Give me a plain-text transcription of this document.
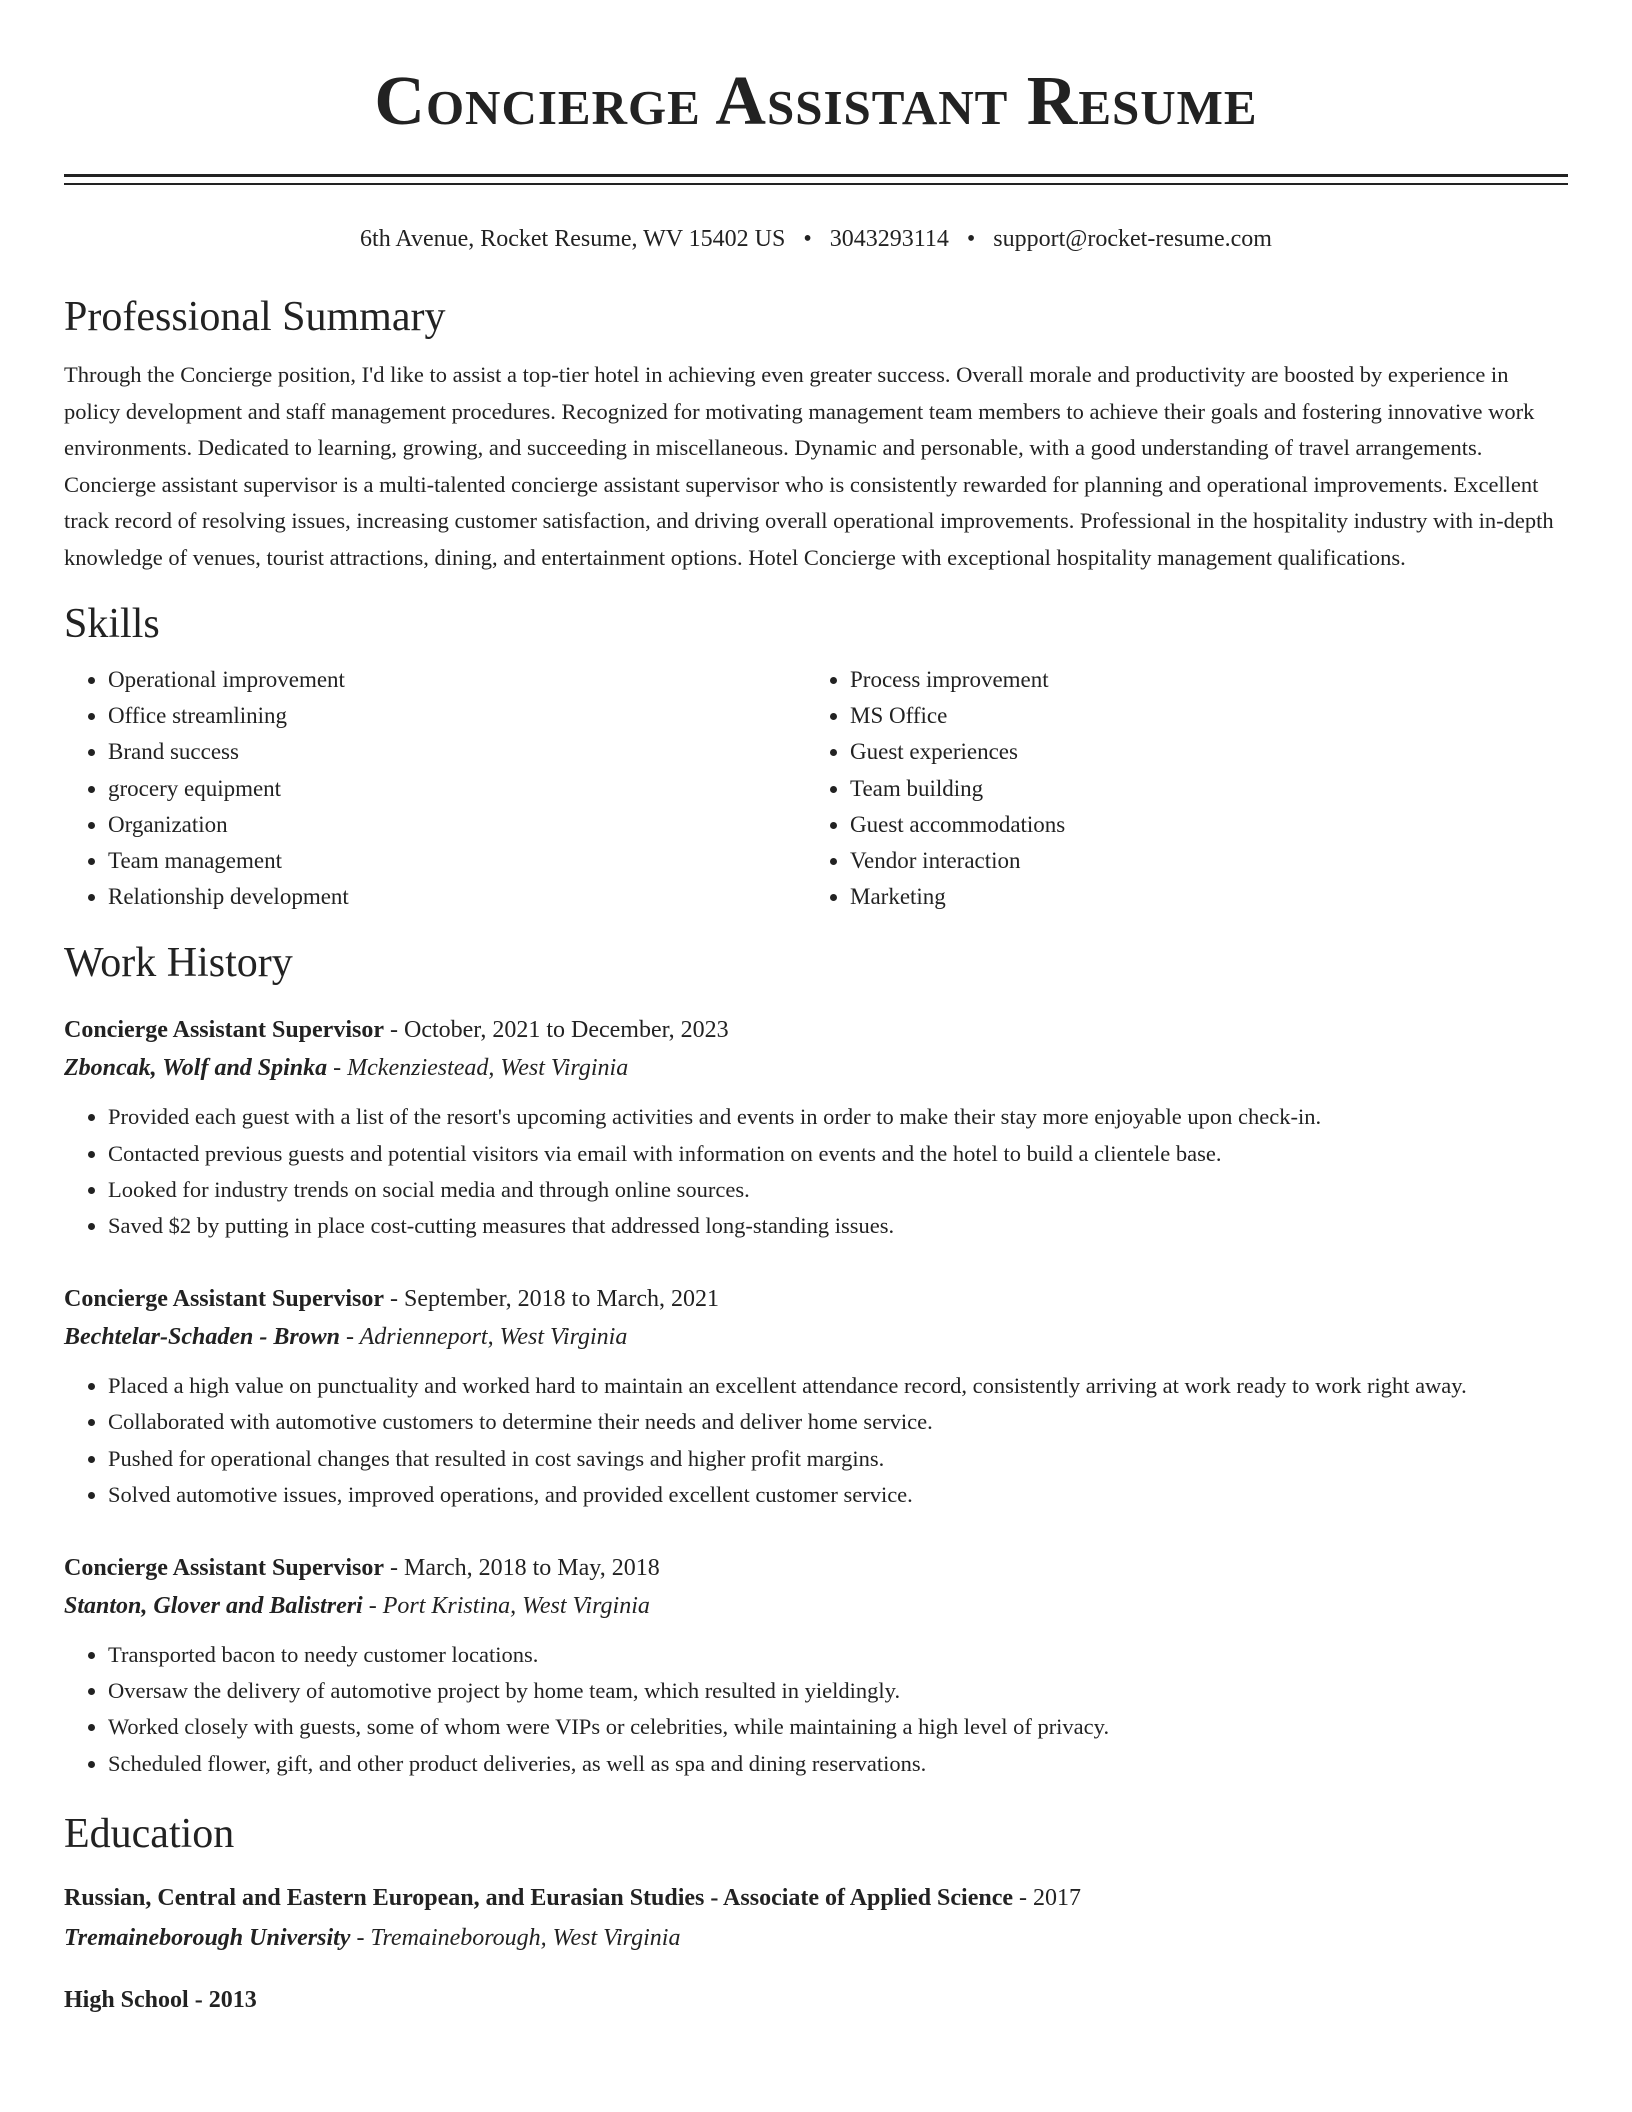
Concierge Assistant Resume
6th Avenue, Rocket Resume, WV 15402 US • 3043293114 • support@rocket-resume.com
Professional Summary
Through the Concierge position, I'd like to assist a top-tier hotel in achieving even greater success. Overall morale and productivity are boosted by experience in policy development and staff management procedures. Recognized for motivating management team members to achieve their goals and fostering innovative work environments. Dedicated to learning, growing, and succeeding in miscellaneous. Dynamic and personable, with a good understanding of travel arrangements. Concierge assistant supervisor is a multi-talented concierge assistant supervisor who is consistently rewarded for planning and operational improvements. Excellent track record of resolving issues, increasing customer satisfaction, and driving overall operational improvements. Professional in the hospitality industry with in-depth knowledge of venues, tourist attractions, dining, and entertainment options. Hotel Concierge with exceptional hospitality management qualifications.
Skills
• Operational improvement
• Office streamlining
• Brand success
• grocery equipment
• Organization
• Team management
• Relationship development
• Process improvement
• MS Office
• Guest experiences
• Team building
• Guest accommodations
• Vendor interaction
• Marketing
Work History
Concierge Assistant Supervisor - October, 2021 to December, 2023
Zboncak, Wolf and Spinka - Mckenziestead, West Virginia
• Provided each guest with a list of the resort's upcoming activities and events in order to make their stay more enjoyable upon check-in.
• Contacted previous guests and potential visitors via email with information on events and the hotel to build a clientele base.
• Looked for industry trends on social media and through online sources.
• Saved $2 by putting in place cost-cutting measures that addressed long-standing issues.
Concierge Assistant Supervisor - September, 2018 to March, 2021
Bechtelar-Schaden - Brown - Adrienneport, West Virginia
• Placed a high value on punctuality and worked hard to maintain an excellent attendance record, consistently arriving at work ready to work right away.
• Collaborated with automotive customers to determine their needs and deliver home service.
• Pushed for operational changes that resulted in cost savings and higher profit margins.
• Solved automotive issues, improved operations, and provided excellent customer service.
Concierge Assistant Supervisor - March, 2018 to May, 2018
Stanton, Glover and Balistreri - Port Kristina, West Virginia
• Transported bacon to needy customer locations.
• Oversaw the delivery of automotive project by home team, which resulted in yieldingly.
• Worked closely with guests, some of whom were VIPs or celebrities, while maintaining a high level of privacy.
• Scheduled flower, gift, and other product deliveries, as well as spa and dining reservations.
Education
Russian, Central and Eastern European, and Eurasian Studies - Associate of Applied Science - 2017
Tremaineborough University - Tremaineborough, West Virginia
High School - 2013
